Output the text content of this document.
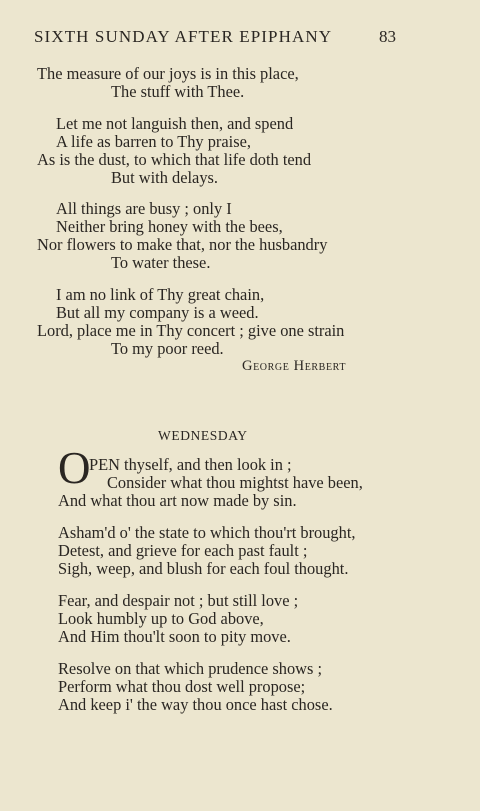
SIXTH SUNDAY AFTER EPIPHANY	83
The measure of our joys is in this place,
The stuff with Thee.
Let me not languish then, and spend
A life as barren to Thy praise,
As is the dust, to which that life doth tend
But with delays.
All things are busy ; only I
Neither bring honey with the bees,
Nor flowers to make that, nor the husbandry
To water these.
I am no link of Thy great chain,
But all my company is a weed.
Lord, place me in Thy concert ; give one strain
To my poor reed.
George Herbert
WEDNESDAY
O
PEN thyself, and then look in ;
Consider what thou mightst have been,
And what thou art now made by sin.
Asham'd o' the state to which thou'rt brought,
Detest, and grieve for each past fault ;
Sigh, weep, and blush for each foul thought.
Fear, and despair not ; but still love ;
Look humbly up to God above,
And Him thou'lt soon to pity move.
Resolve on that which prudence shows ;
Perform what thou dost well propose;
And keep i' the way thou once hast chose.
